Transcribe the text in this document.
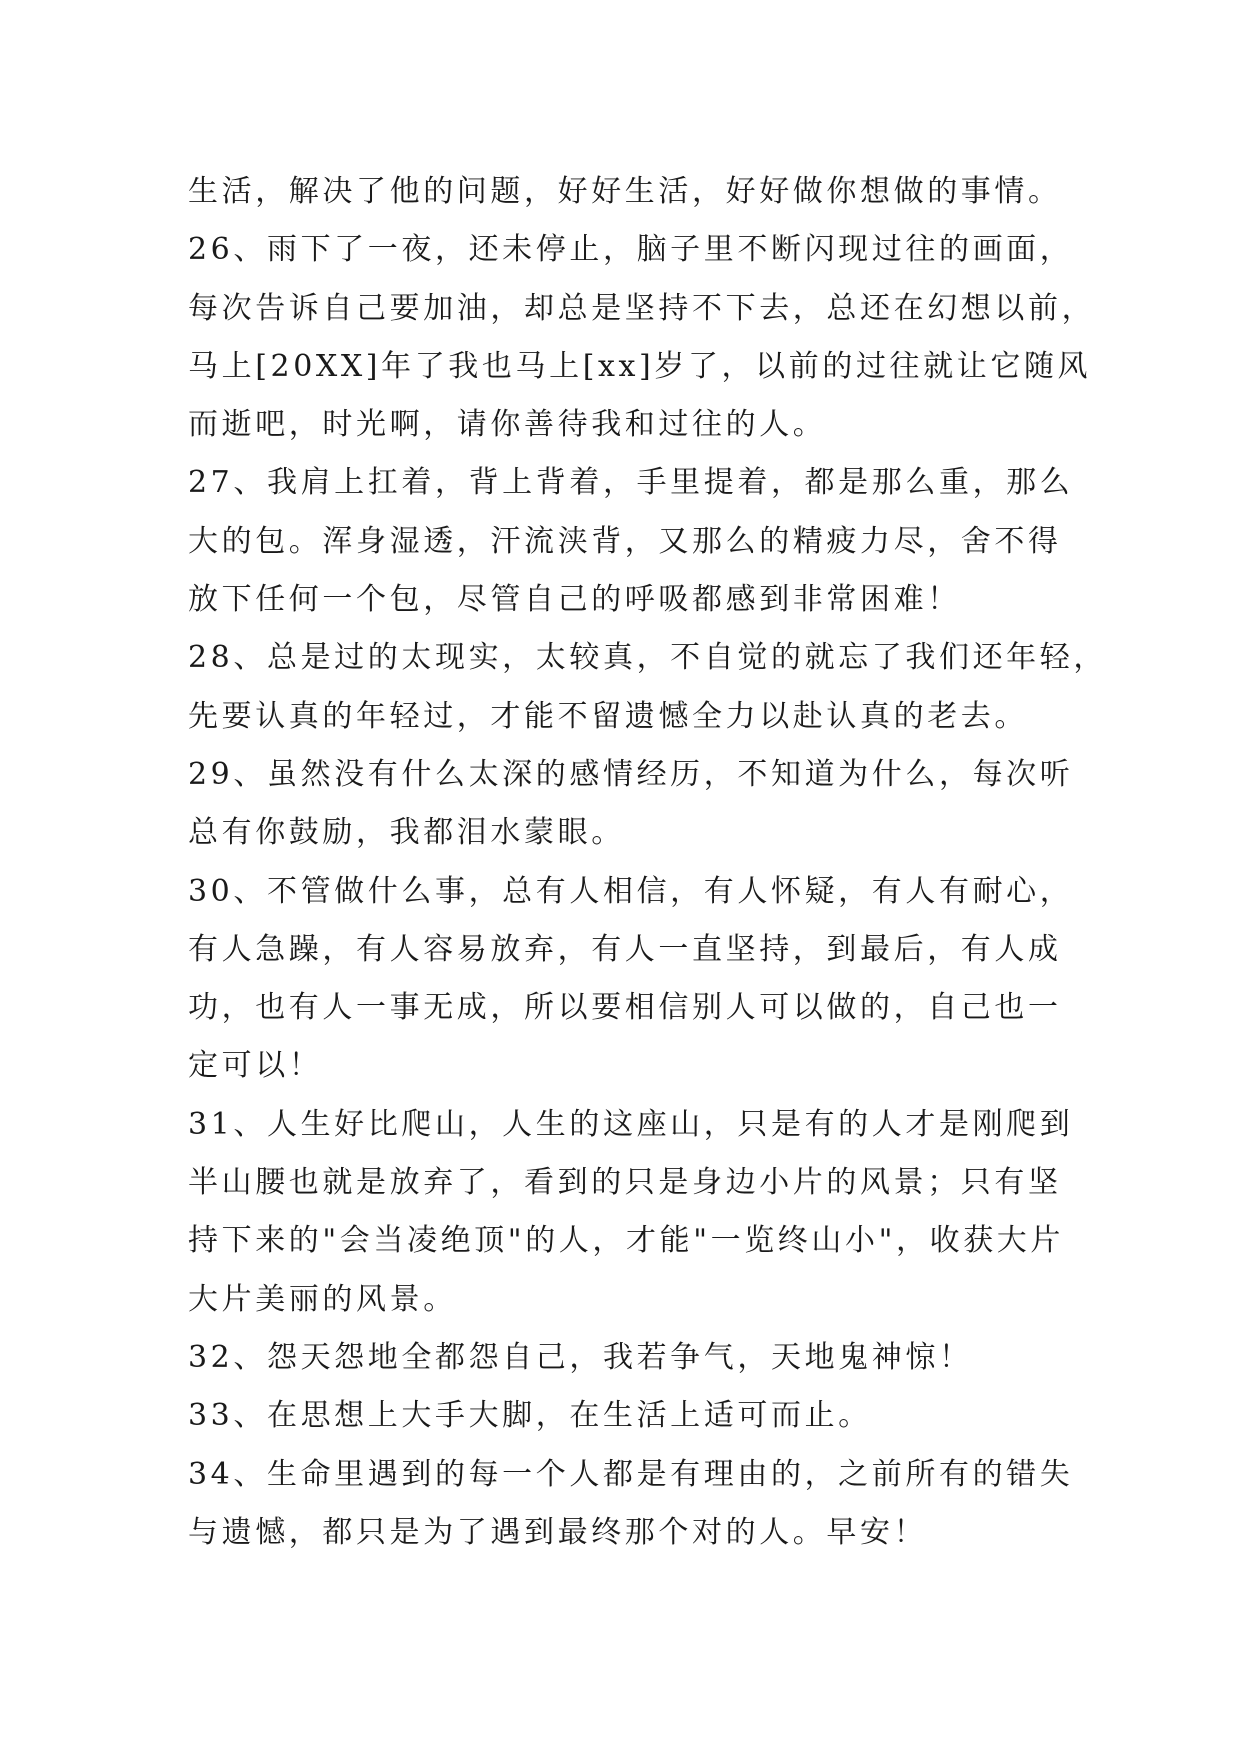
生活，解决了他的问题，好好生活，好好做你想做的事情。
26、雨下了一夜，还未停止，脑子里不断闪现过往的画面，
每次告诉自己要加油，却总是坚持不下去，总还在幻想以前，
马上[20XX]年了我也马上[xx]岁了，以前的过往就让它随风
而逝吧，时光啊，请你善待我和过往的人。
27、我肩上扛着，背上背着，手里提着，都是那么重，那么
大的包。浑身湿透，汗流浃背，又那么的精疲力尽，舍不得
放下任何一个包，尽管自己的呼吸都感到非常困难！
28、总是过的太现实，太较真，不自觉的就忘了我们还年轻，
先要认真的年轻过，才能不留遗憾全力以赴认真的老去。
29、虽然没有什么太深的感情经历，不知道为什么，每次听
总有你鼓励，我都泪水蒙眼。
30、不管做什么事，总有人相信，有人怀疑，有人有耐心，
有人急躁，有人容易放弃，有人一直坚持，到最后，有人成
功，也有人一事无成，所以要相信别人可以做的，自己也一
定可以！
31、人生好比爬山，人生的这座山，只是有的人才是刚爬到
半山腰也就是放弃了，看到的只是身边小片的风景；只有坚
持下来的"会当凌绝顶"的人，才能"一览终山小"，收获大片
大片美丽的风景。
32、怨天怨地全都怨自己，我若争气，天地鬼神惊！
33、在思想上大手大脚，在生活上适可而止。
34、生命里遇到的每一个人都是有理由的，之前所有的错失
与遗憾，都只是为了遇到最终那个对的人。早安！
